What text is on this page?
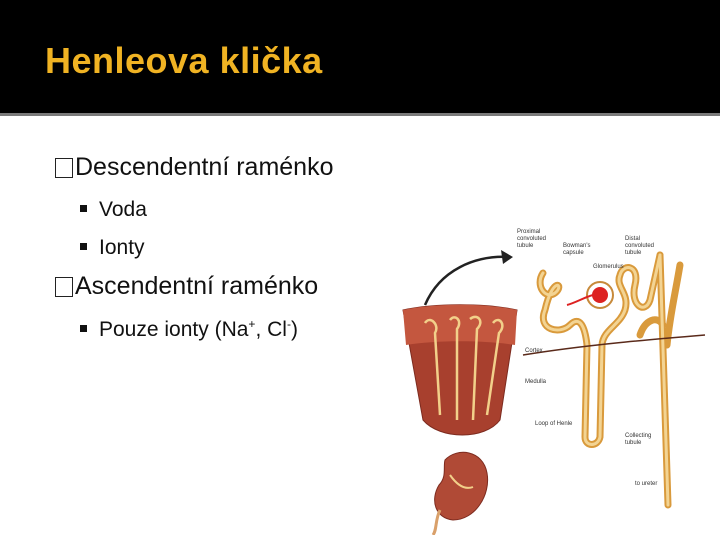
Henleova klička
Descendentní raménko
Voda
Ionty
Ascendentní raménko
Pouze ionty (Na+, Cl-)
Proximal
convoluted
tubule	Bowman's
capsule
Distal
convoluted
tubule
Glomerulus
Cortex
Medulla
Loop of Henle
Collecting
tubule
to ureter
